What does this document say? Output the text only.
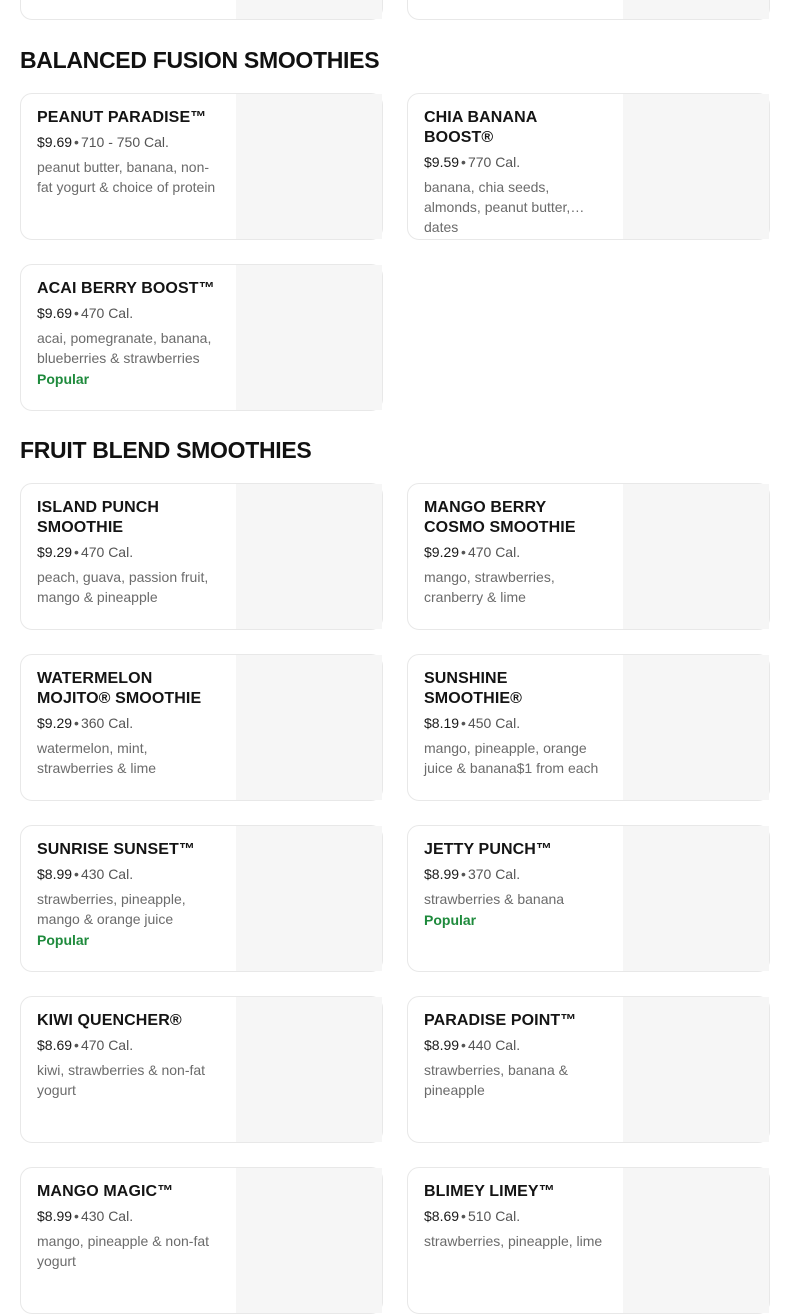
BALANCED FUSION SMOOTHIES
PEANUT PARADISE™
$9.69 • 710 - 750 Cal.
peanut butter, banana, non-fat yogurt & choice of protein
CHIA BANANA BOOST®
$9.59 • 770 Cal.
banana, chia seeds, almonds, peanut butter, dates
ACAI BERRY BOOST™
$9.69 • 470 Cal.
acai, pomegranate, banana, blueberries & strawberries
Popular
FRUIT BLEND SMOOTHIES
ISLAND PUNCH SMOOTHIE
$9.29 • 470 Cal.
peach, guava, passion fruit, mango & pineapple
MANGO BERRY COSMO SMOOTHIE
$9.29 • 470 Cal.
mango, strawberries, cranberry & lime
WATERMELON MOJITO® SMOOTHIE
$9.29 • 360 Cal.
watermelon, mint, strawberries & lime
SUNSHINE SMOOTHIE®
$8.19 • 450 Cal.
mango, pineapple, orange juice & banana$1 from each
SUNRISE SUNSET™
$8.99 • 430 Cal.
strawberries, pineapple, mango & orange juice
Popular
JETTY PUNCH™
$8.99 • 370 Cal.
strawberries & banana
Popular
KIWI QUENCHER®
$8.69 • 470 Cal.
kiwi, strawberries & non-fat yogurt
PARADISE POINT™
$8.99 • 440 Cal.
strawberries, banana & pineapple
MANGO MAGIC™
$8.99 • 430 Cal.
mango, pineapple & non-fat yogurt
BLIMEY LIMEY™
$8.69 • 510 Cal.
strawberries, pineapple, lime
